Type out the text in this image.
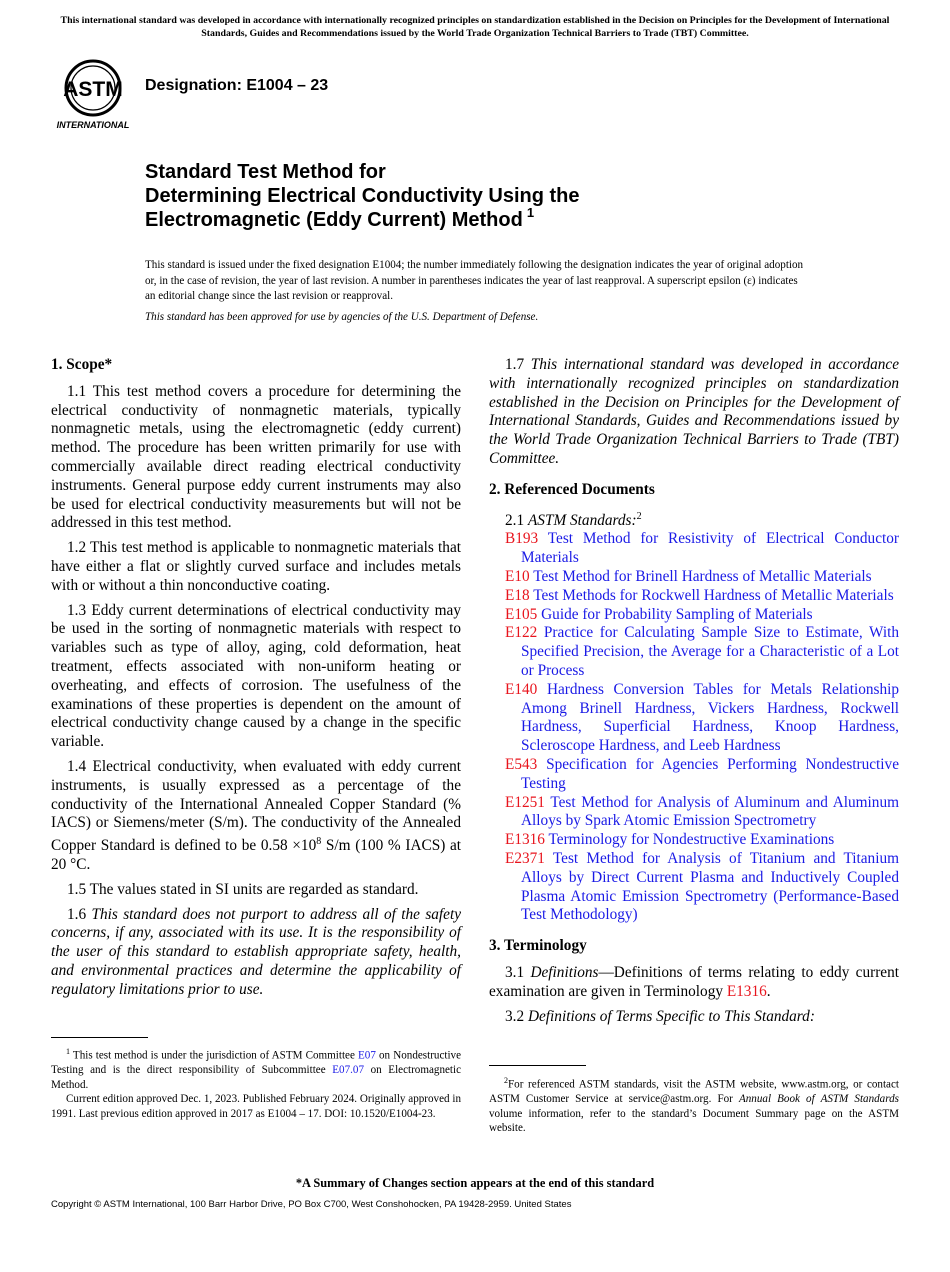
This international standard was developed in accordance with internationally recognized principles on standardization established in the Decision on Principles for the Development of International Standards, Guides and Recommendations issued by the World Trade Organization Technical Barriers to Trade (TBT) Committee.
ASTM
INTERNATIONAL
Designation: E1004 – 23
Standard Test Method for
Determining Electrical Conductivity Using the
Electromagnetic (Eddy Current) Method $^1$
This standard is issued under the fixed designation E1004; the number immediately following the designation indicates the year of original adoption or, in the case of revision, the year of last revision. A number in parentheses indicates the year of last reapproval. A superscript epsilon (ε) indicates an editorial change since the last revision or reapproval.
This standard has been approved for use by agencies of the U.S. Department of Defense.
1. Scope*

1.1 This test method covers a procedure for determining the electrical conductivity of nonmagnetic materials, typically nonmagnetic metals, using the electromagnetic (eddy current) method. The procedure has been written primarily for use with commercially available direct reading electrical conductivity instruments. General purpose eddy current instruments may also be used for electrical conductivity measurements but will not be addressed in this test method.

1.2 This test method is applicable to nonmagnetic materials that have either a flat or slightly curved surface and includes metals with or without a thin nonconductive coating.

1.3 Eddy current determinations of electrical conductivity may be used in the sorting of nonmagnetic materials with respect to variables such as type of alloy, aging, cold deformation, heat treatment, effects associated with non-uniform heating or overheating, and effects of corrosion. The usefulness of the examinations of these properties is dependent on the amount of electrical conductivity change caused by a change in the specific variable.

1.4 Electrical conductivity, when evaluated with eddy current instruments, is usually expressed as a percentage of the conductivity of the International Annealed Copper Standard (% IACS) or Siemens/meter (S/m). The conductivity of the Annealed Copper Standard is defined to be $0.58 \times 10^8$ S/m (100 % IACS) at 20 °C.

1.5 The values stated in SI units are regarded as standard.

1.6 This standard does not purport to address all of the safety concerns, if any, associated with its use. It is the responsibility of the user of this standard to establish appropriate safety, health, and environmental practices and determine the applicability of regulatory limitations prior to use.

1.7 This international standard was developed in accordance with internationally recognized principles on standardization established in the Decision on Principles for the Development of International Standards, Guides and Recommendations issued by the World Trade Organization Technical Barriers to Trade (TBT) Committee.

2. Referenced Documents

2.1 ASTM Standards:$^2$

B193 Test Method for Resistivity of Electrical Conductor Materials
E10 Test Method for Brinell Hardness of Metallic Materials
E18 Test Methods for Rockwell Hardness of Metallic Materials
E105 Guide for Probability Sampling of Materials
E122 Practice for Calculating Sample Size to Estimate, With Specified Precision, the Average for a Characteristic of a Lot or Process
E140 Hardness Conversion Tables for Metals Relationship Among Brinell Hardness, Vickers Hardness, Rockwell Hardness, Superficial Hardness, Knoop Hardness, Scleroscope Hardness, and Leeb Hardness
E543 Specification for Agencies Performing Nondestructive Testing
E1251 Test Method for Analysis of Aluminum and Aluminum Alloys by Spark Atomic Emission Spectrometry
E1316 Terminology for Nondestructive Examinations
E2371 Test Method for Analysis of Titanium and Titanium Alloys by Direct Current Plasma and Inductively Coupled Plasma Atomic Emission Spectrometry (Performance-Based Test Methodology)
3. Terminology

3.1 Definitions—Definitions of terms relating to eddy current examination are given in Terminology E1316.

3.2 Definitions of Terms Specific to This Standard:

$^1$ This test method is under the jurisdiction of ASTM Committee E07 on Nondestructive Testing and is the direct responsibility of Subcommittee E07.07 on Electromagnetic Method.

Current edition approved Dec. 1, 2023. Published February 2024. Originally approved in 1991. Last previous edition approved in 2017 as E1004 – 17. DOI: 10.1520/E1004-23.

$^2$For referenced ASTM standards, visit the ASTM website, www.astm.org, or contact ASTM Customer Service at service@astm.org. For Annual Book of ASTM Standards volume information, refer to the standard’s Document Summary page on the ASTM website.

*A Summary of Changes section appears at the end of this standard
Copyright © ASTM International, 100 Barr Harbor Drive, PO Box C700, West Conshohocken, PA 19428-2959. United States
